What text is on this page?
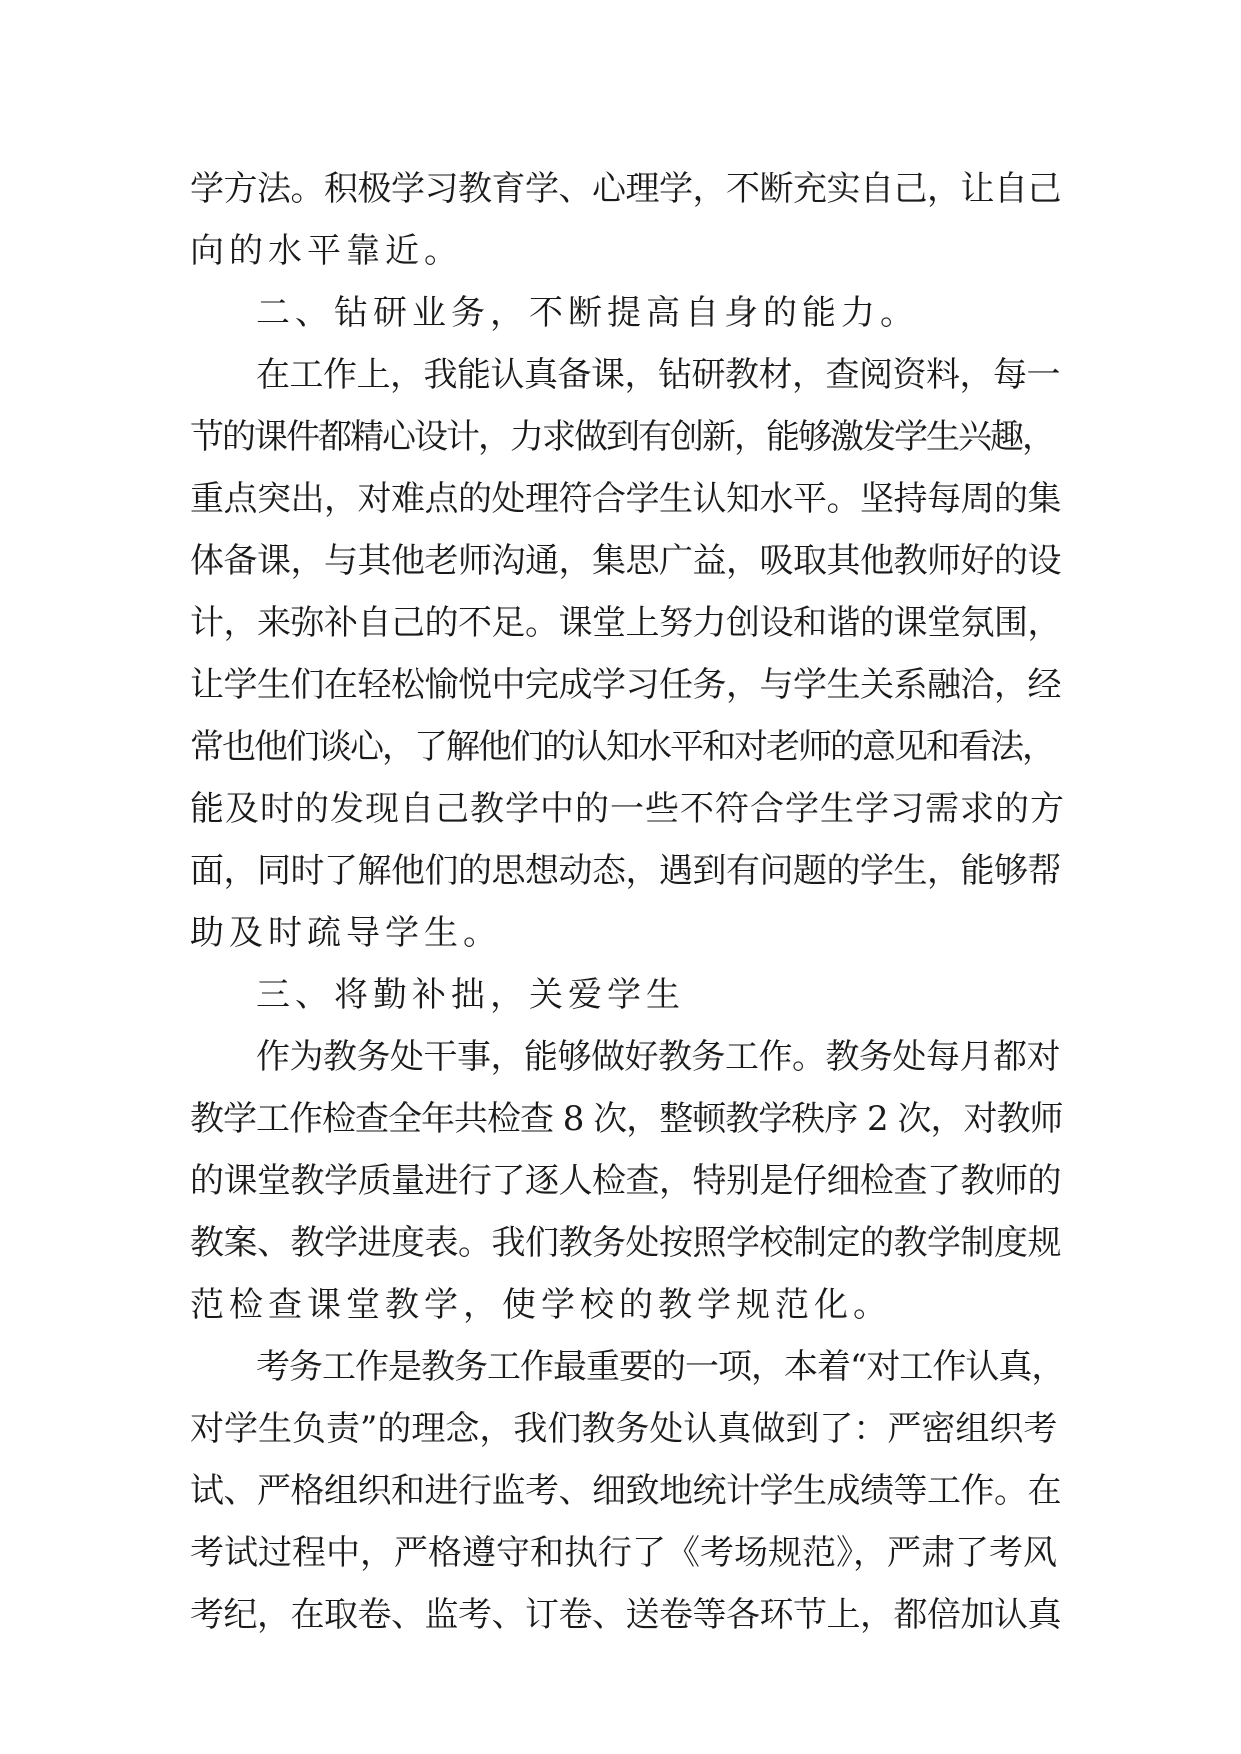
学方法。积极学习教育学、心理学，不断充实自己，让自己
向的水平靠近。
二、钻研业务，不断提高自身的能力。
在工作上，我能认真备课，钻研教材，查阅资料，每一
节的课件都精心设计，力求做到有创新，能够激发学生兴趣，
重点突出，对难点的处理符合学生认知水平。坚持每周的集
体备课，与其他老师沟通，集思广益，吸取其他教师好的设
计，来弥补自己的不足。课堂上努力创设和谐的课堂氛围，
让学生们在轻松愉悦中完成学习任务，与学生关系融洽，经
常也他们谈心，了解他们的认知水平和对老师的意见和看法，
能及时的发现自己教学中的一些不符合学生学习需求的方
面，同时了解他们的思想动态，遇到有问题的学生，能够帮
助及时疏导学生。
三、将勤补拙，关爱学生
作为教务处干事，能够做好教务工作。教务处每月都对
教学工作检查全年共检查 8 次，整顿教学秩序 2 次，对教师
的课堂教学质量进行了逐人检查，特别是仔细检查了教师的
教案、教学进度表。我们教务处按照学校制定的教学制度规
范检查课堂教学，使学校的教学规范化。
考务工作是教务工作最重要的一项，本着“对工作认真，
对学生负责”的理念，我们教务处认真做到了：严密组织考
试、严格组织和进行监考、细致地统计学生成绩等工作。在
考试过程中，严格遵守和执行了《考场规范》，严肃了考风
考纪，在取卷、监考、订卷、送卷等各环节上，都倍加认真
